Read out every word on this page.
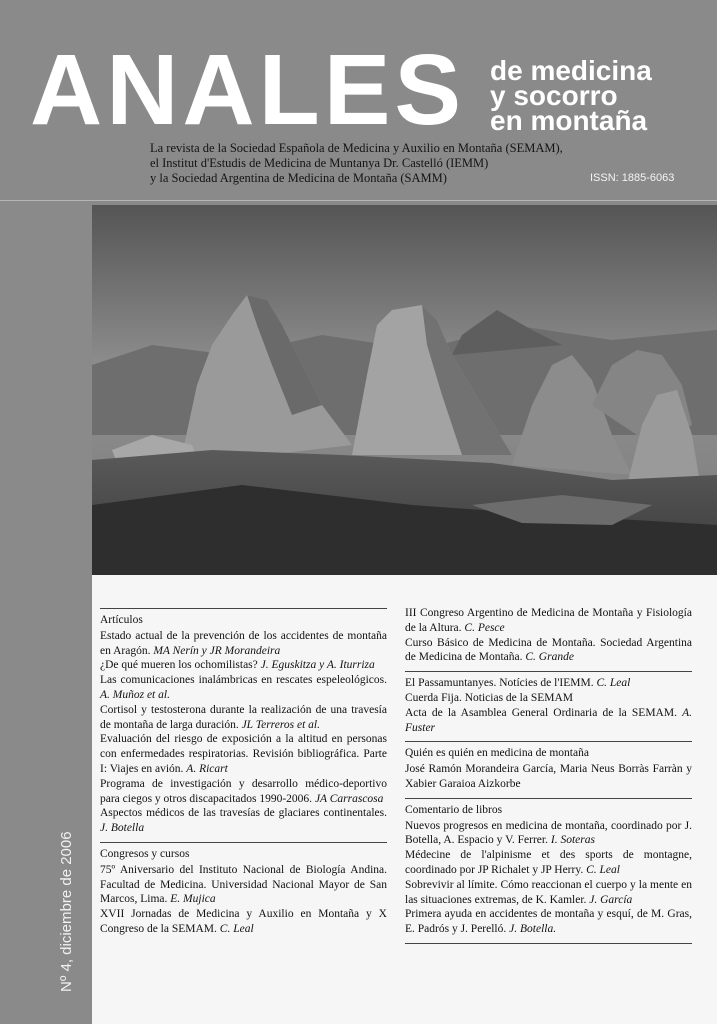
ANALES de medicina
y socorro
en montaña
La revista de la Sociedad Española de Medicina y Auxilio en Montaña (SEMAM),
el Institut d'Estudis de Medicina de Muntanya Dr. Castelló (IEMM)
y la Sociedad Argentina de Medicina de Montaña (SAMM)	ISSN: 1885-6063
Nº 4, diciembre de 2006
Artículos
Estado actual de la prevención de los accidentes de montaña en Aragón. MA Nerín y JR Morandeira
¿De qué mueren los ochomilistas? J. Eguskitza y A. Iturriza
Las comunicaciones inalámbricas en rescates espeleológicos. A. Muñoz et al.
Cortisol y testosterona durante la realización de una travesía de montaña de larga duración. JL Terreros et al.
Evaluación del riesgo de exposición a la altitud en personas con enfermedades respiratorias. Revisión bibliográfica. Parte I: Viajes en avión. A. Ricart
Programa de investigación y desarrollo médico-deportivo para ciegos y otros discapacitados 1990-2006. JA Carrascosa
Aspectos médicos de las travesías de glaciares continentales. J. Botella
Congresos y cursos
75º Aniversario del Instituto Nacional de Biología Andina. Facultad de Medicina. Universidad Nacional Mayor de San Marcos, Lima. E. Mujica
XVII Jornadas de Medicina y Auxilio en Montaña y X Congreso de la SEMAM. C. Leal
III Congreso Argentino de Medicina de Montaña y Fisiología de la Altura. C. Pesce
Curso Básico de Medicina de Montaña. Sociedad Argentina de Medicina de Montaña. C. Grande
El Passamuntanyes. Notícies de l'IEMM. C. Leal
Cuerda Fija. Noticias de la SEMAM
Acta de la Asamblea General Ordinaria de la SEMAM. A. Fuster
Quién es quién en medicina de montaña
José Ramón Morandeira García, Maria Neus Borràs Farràn y Xabier Garaioa Aizkorbe
Comentario de libros
Nuevos progresos en medicina de montaña, coordinado por J. Botella, A. Espacio y V. Ferrer. I. Soteras
Médecine de l'alpinisme et des sports de montagne, coordinado por JP Richalet y JP Herry. C. Leal
Sobrevivir al límite. Cómo reaccionan el cuerpo y la mente en las situaciones extremas, de K. Kamler. J. García
Primera ayuda en accidentes de montaña y esquí, de M. Gras, E. Padrós y J. Perelló. J. Botella.
